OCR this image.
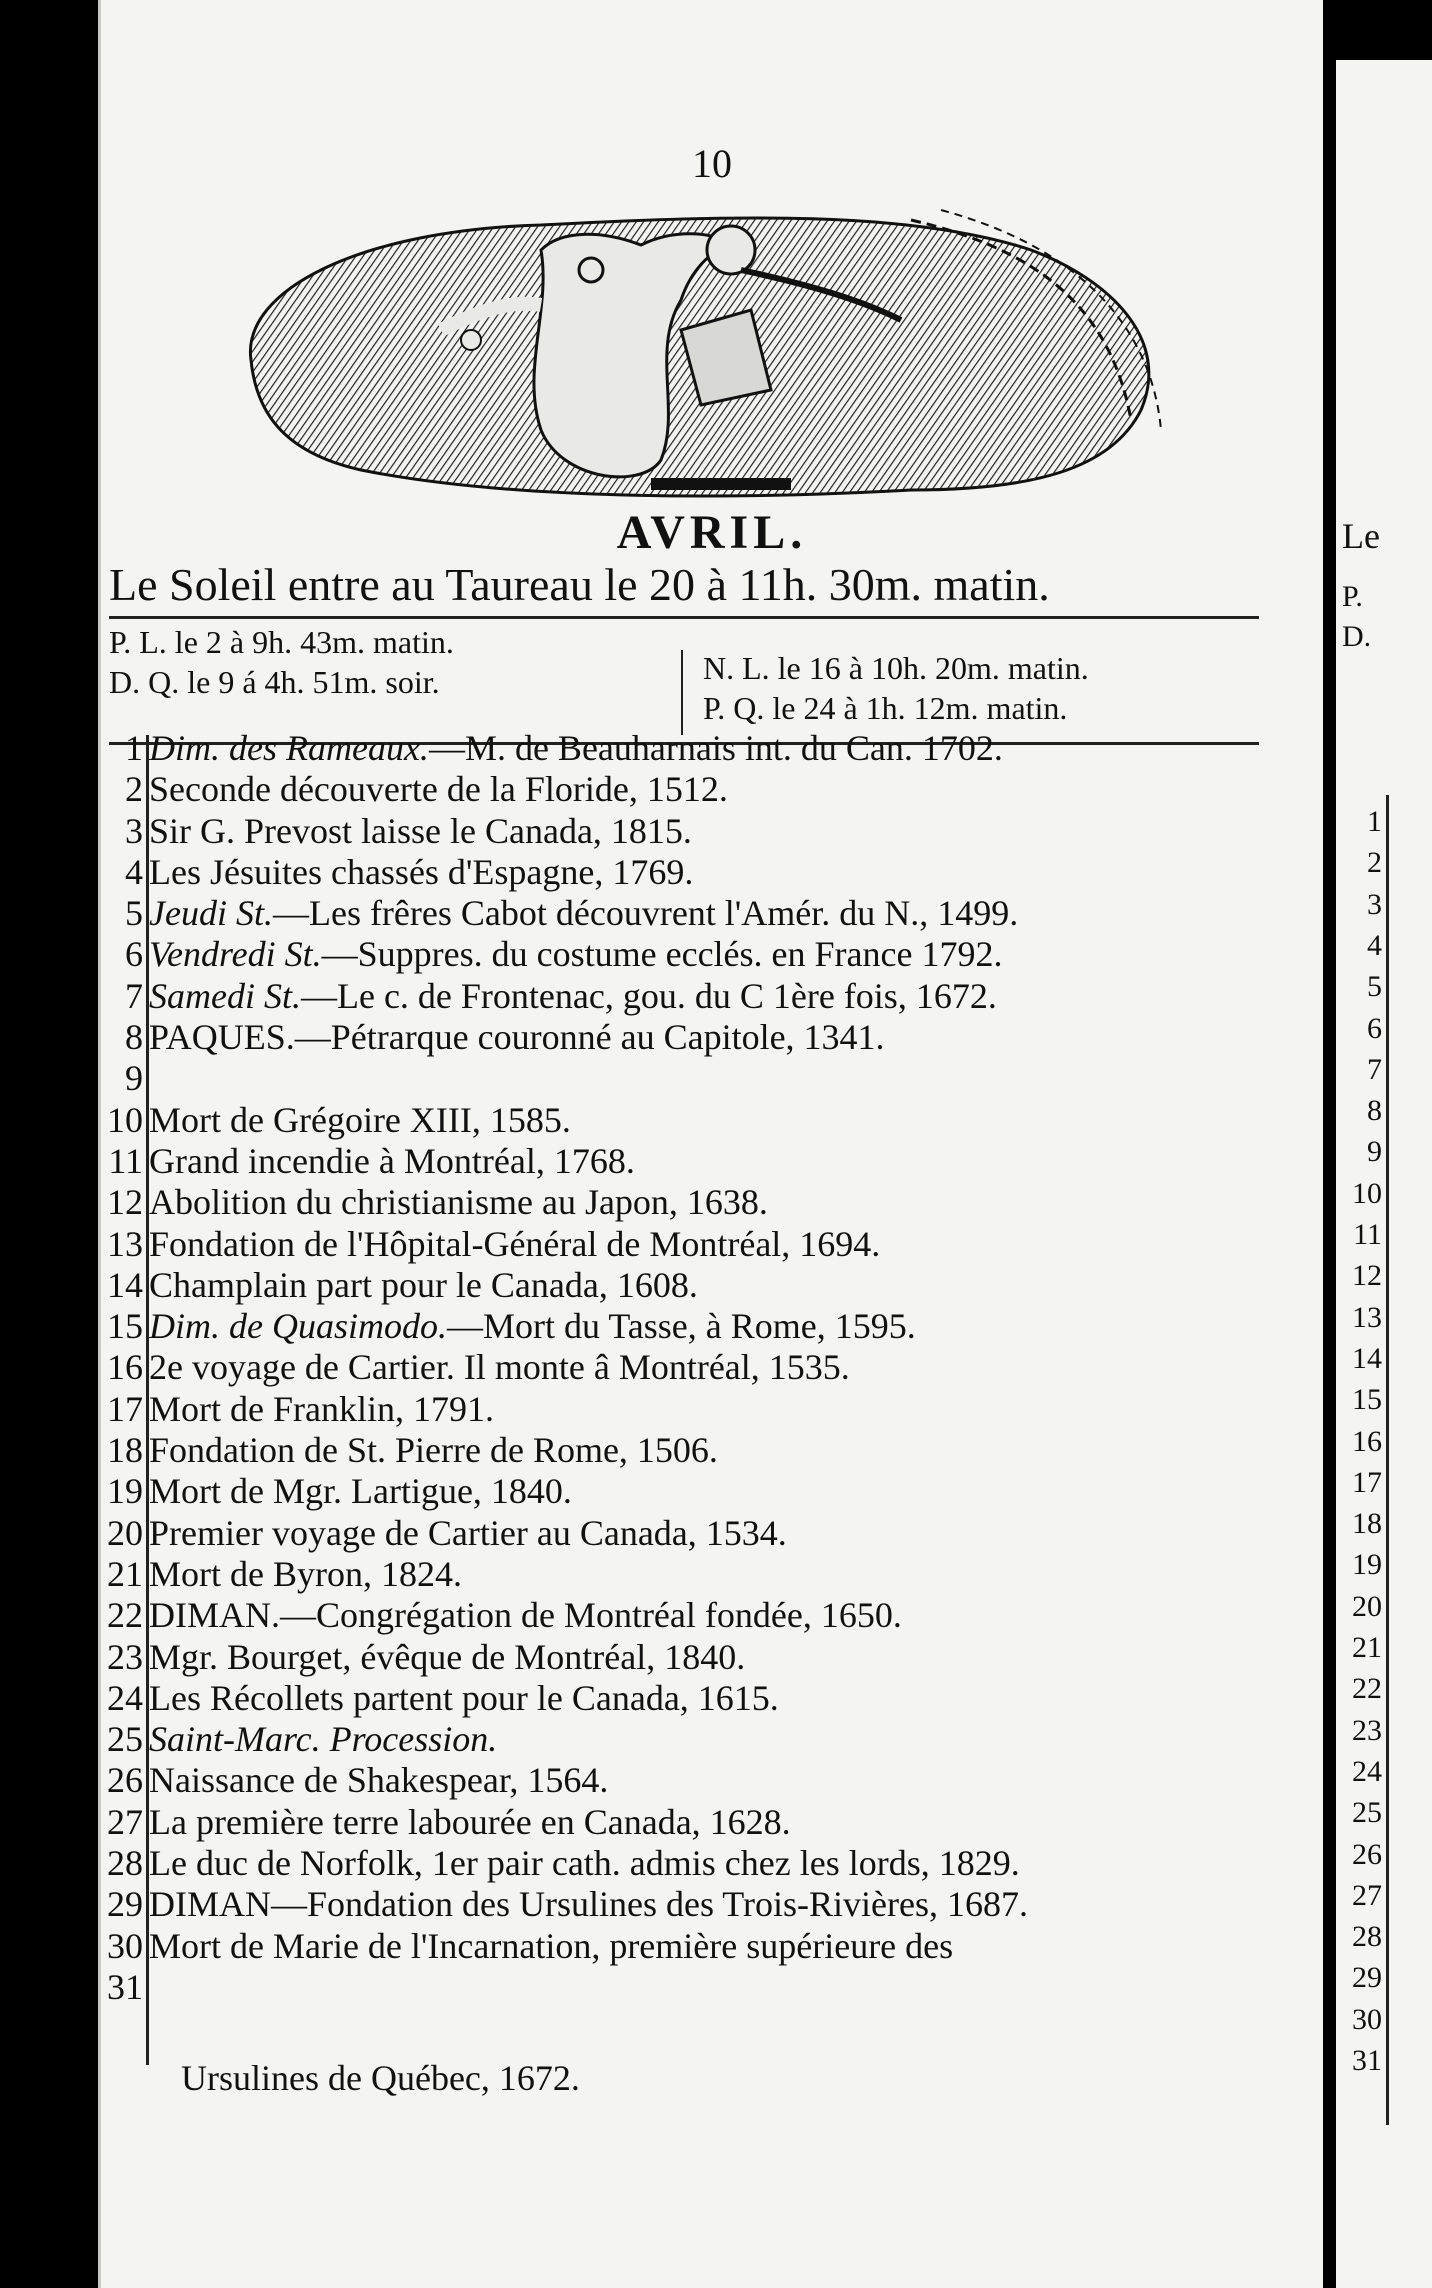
10
AVRIL.
Le Soleil entre au Taureau le 20 à 11h. 30m. matin.
P. L. le 2 à 9h. 43m. matin.
D. Q. le 9 á 4h. 51m. soir.	N. L. le 16 à 10h. 20m. matin.
P. Q. le 24 à 1h. 12m. matin.
1 Dim. des Rameaux.—M. de Beauharnais int. du Can. 1702.
2 Seconde découverte de la Floride, 1512.
3 Sir G. Prevost laisse le Canada, 1815.
4 Les Jésuites chassés d'Espagne, 1769.
5 Jeudi St.—Les frêres Cabot découvrent l'Amér. du N., 1499.
6 Vendredi St.—Suppres. du costume ecclés. en France 1792.
7 Samedi St.—Le c. de Frontenac, gou. du C 1ère fois, 1672.
8 PAQUES.—Pétrarque couronné au Capitole, 1341.
9
10 Mort de Grégoire XIII, 1585.
11 Grand incendie à Montréal, 1768.
12 Abolition du christianisme au Japon, 1638.
13 Fondation de l'Hôpital-Général de Montréal, 1694.
14 Champlain part pour le Canada, 1608.
15 Dim. de Quasimodo.—Mort du Tasse, à Rome, 1595.
16 2e voyage de Cartier. Il monte â Montréal, 1535.
17 Mort de Franklin, 1791.
18 Fondation de St. Pierre de Rome, 1506.
19 Mort de Mgr. Lartigue, 1840.
20 Premier voyage de Cartier au Canada, 1534.
21 Mort de Byron, 1824.
22 DIMAN.—Congrégation de Montréal fondée, 1650.
23 Mgr. Bourget, évêque de Montréal, 1840.
24 Les Récollets partent pour le Canada, 1615.
25 Saint-Marc. Procession.
26 Naissance de Shakespear, 1564.
27 La première terre labourée en Canada, 1628.
28 Le duc de Norfolk, 1er pair cath. admis chez les lords, 1829.
29 DIMAN—Fondation des Ursulines des Trois-Rivières, 1687.
30 Mort de Marie de l'Incarnation, première supérieure des
31
Ursulines de Québec, 1672.
Le
P.
D.
1
2
3
4
5
6
7
8
9
10
11
12
13
14
15
16
17
18
19
20
21
22
23
24
25
26
27
28
29
30
31
